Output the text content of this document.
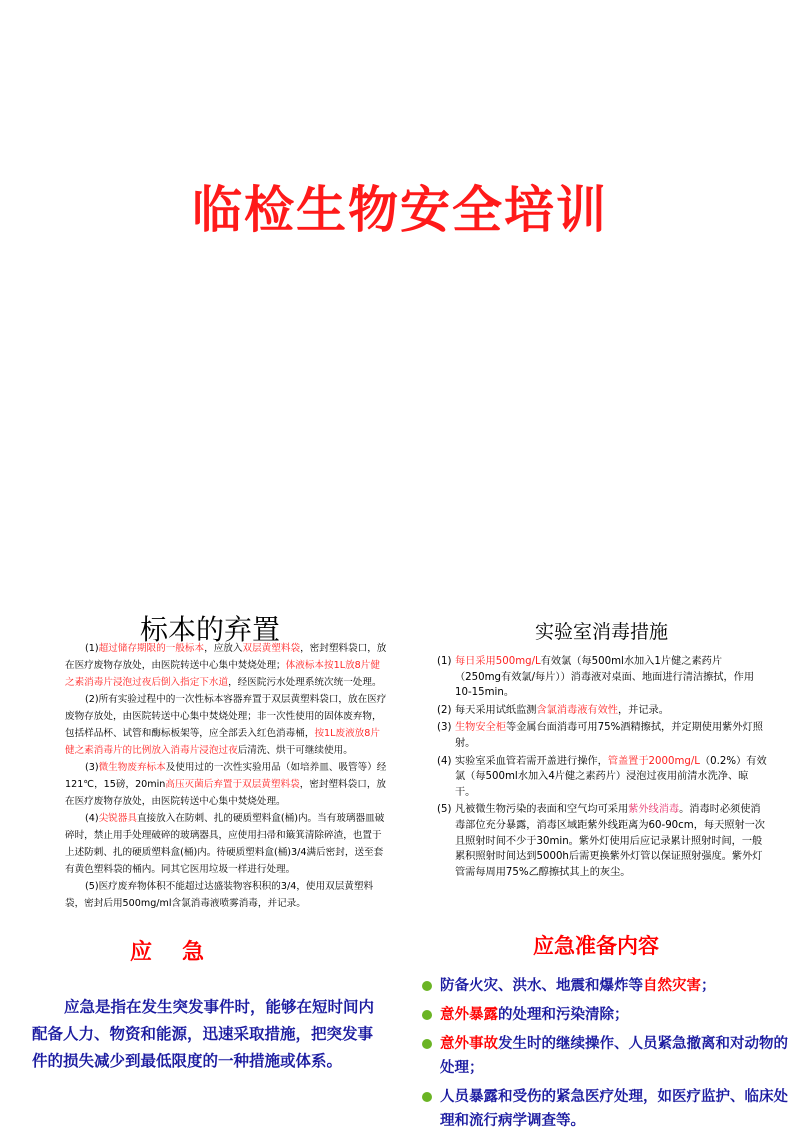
临检生物安全培训
标本的弃置

(1)超过储存期限的一般标本，应放入双层黄塑料袋，密封塑料袋口，放在医疗废物存放处，由医院转送中心集中焚烧处理；体液标本按1L放8片健之素消毒片浸泡过夜后倒入指定下水道，经医院污水处理系统次统一处理。

(2)所有实验过程中的一次性标本容器弃置于双层黄塑料袋口，放在医疗废物存放处，由医院转送中心集中焚烧处理；非一次性使用的固体废弃物，包括样品杯、试管和酶标板架等，应全部丢入红色消毒桶，按1L废液放8片健之素消毒片的比例放入消毒片浸泡过夜后清洗、烘干可继续使用。

(3)微生物废弃标本及使用过的一次性实验用品（如培养皿、吸管等）经121℃，15磅，20min高压灭菌后弃置于双层黄塑料袋，密封塑料袋口，放在医疗废物存放处，由医院转送中心集中焚烧处理。

(4)尖锐器具直接放入在防刺、扎的硬质塑料盒(桶)内。当有玻璃器皿破碎时，禁止用手处理破碎的玻璃器具，应使用扫帚和簸箕清除碎渣，也置于上述防刺、扎的硬质塑料盒(桶)内。待硬质塑料盒(桶)3/4满后密封，送至套有黄色塑料袋的桶内。同其它医用垃圾一样进行处理。

(5)医疗废弃物体积不能超过达盛装物容积积的3/4，使用双层黄塑料袋，密封后用500mg/ml含氯消毒液喷雾消毒，并记录。

实验室消毒措施
(1) 每日采用500mg/L有效氯（每500ml水加入1片健之素药片（250mg有效氯/每片））消毒液对桌面、地面进行清洁擦拭，作用10-15min。
(2) 每天采用试纸监测含氯消毒液有效性，并记录。
(3) 生物安全柜等金属台面消毒可用75%酒精擦拭，并定期使用紫外灯照射。
(4) 实验室采血管若需开盖进行操作，管盖置于2000mg/L（0.2%）有效氯（每500ml水加入4片健之素药片）浸泡过夜用前清水洗净、晾干。
(5) 凡被微生物污染的表面和空气均可采用紫外线消毒。消毒时必须使消毒部位充分暴露，消毒区域距紫外线距离为60-90cm，每天照射一次且照射时间不少于30min。紫外灯使用后应记录累计照射时间，一般累积照射时间达到5000h后需更换紫外灯管以保证照射强度。紫外灯管需每周用75%乙醇擦拭其上的灰尘。
应急
应急是指在发生突发事件时，能够在短时间内配备人力、物资和能源，迅速采取措施，把突发事件的损失减少到最低限度的一种措施或体系。
应急准备内容
防备火灾、洪水、地震和爆炸等自然灾害；
意外暴露的处理和污染清除；
意外事故发生时的继续操作、人员紧急撤离和对动物的处理；
人员暴露和受伤的紧急医疗处理，如医疗监护、临床处理和流行病学调查等。
